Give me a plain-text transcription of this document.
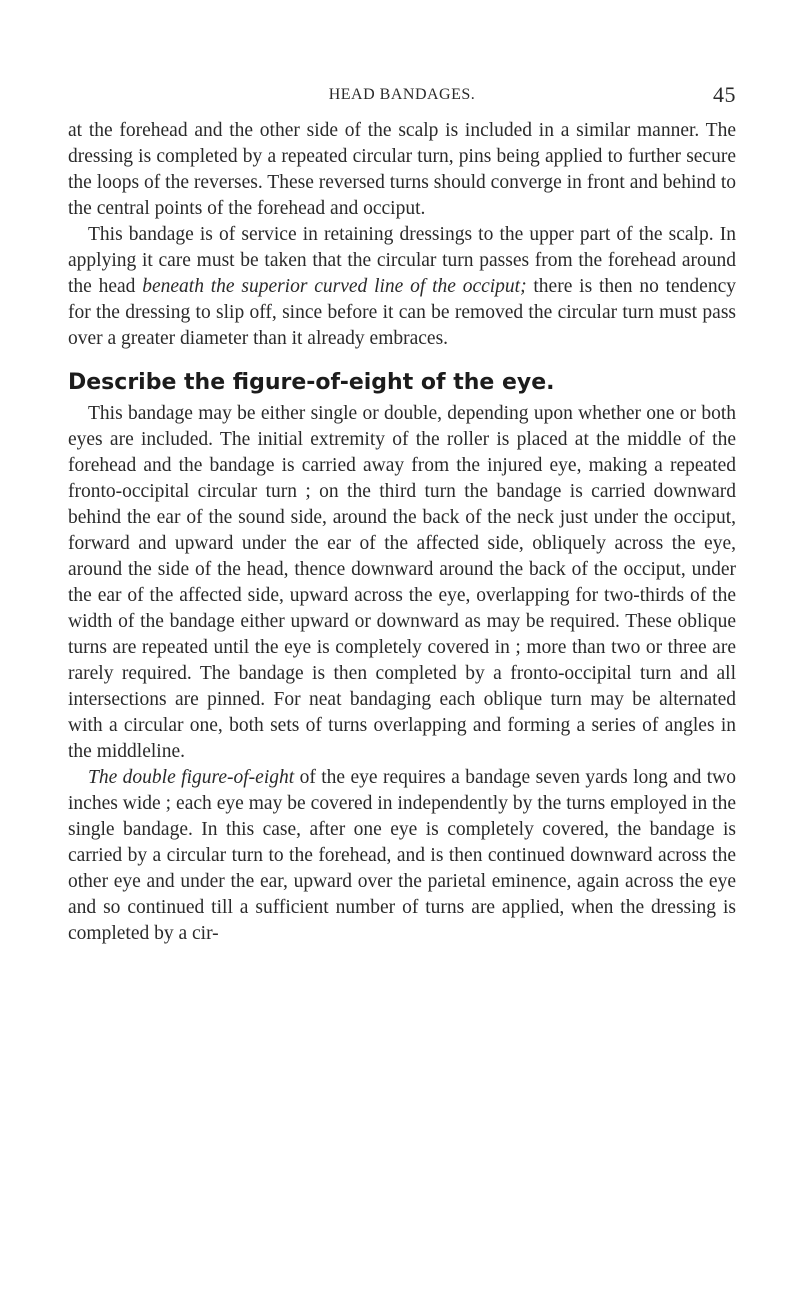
HEAD BANDAGES.	45

at the forehead and the other side of the scalp is included in a similar manner. The dressing is completed by a repeated circular turn, pins being applied to further secure the loops of the reverses. These reversed turns should converge in front and behind to the central points of the forehead and occiput.

This bandage is of service in retaining dressings to the upper part of the scalp. In applying it care must be taken that the circular turn passes from the forehead around the head beneath the superior curved line of the occiput; there is then no tendency for the dressing to slip off, since before it can be removed the circular turn must pass over a greater diameter than it already embraces.

Describe the figure-of-eight of the eye.

This bandage may be either single or double, depending upon whether one or both eyes are included. The initial extremity of the roller is placed at the middle of the forehead and the bandage is carried away from the injured eye, making a repeated fronto-occipital circular turn ; on the third turn the bandage is carried downward behind the ear of the sound side, around the back of the neck just under the occiput, forward and upward under the ear of the affected side, obliquely across the eye, around the side of the head, thence downward around the back of the occiput, under the ear of the affected side, upward across the eye, overlapping for two-thirds of the width of the bandage either upward or downward as may be required. These oblique turns are repeated until the eye is completely covered in ; more than two or three are rarely required. The bandage is then completed by a fronto-occipital turn and all intersections are pinned. For neat bandaging each oblique turn may be alternated with a circular one, both sets of turns overlapping and forming a series of angles in the middleline.

The double figure-of-eight of the eye requires a bandage seven yards long and two inches wide ; each eye may be covered in independently by the turns employed in the single bandage. In this case, after one eye is completely covered, the bandage is carried by a circular turn to the forehead, and is then continued downward across the other eye and under the ear, upward over the parietal eminence, again across the eye and so continued till a sufficient number of turns are applied, when the dressing is completed by a cir-
